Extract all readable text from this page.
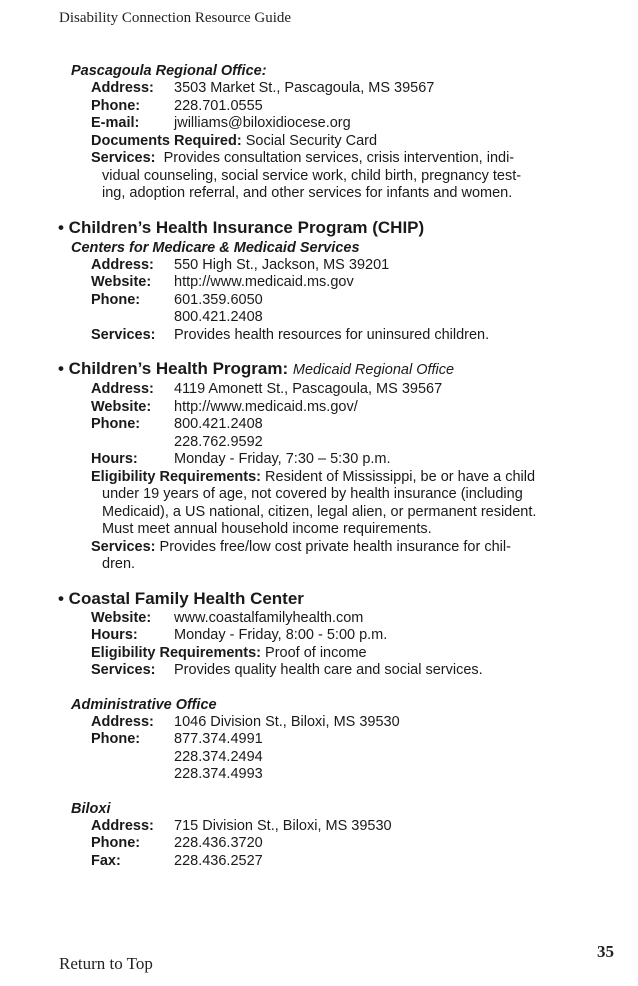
Disability Connection Resource Guide
Pascagoula Regional Office:
Address:	3503 Market St., Pascagoula, MS 39567
Phone:	228.701.0555
E-mail:	jwilliams@biloxidiocese.org
Documents Required:
Social Security Card
Services: Provides consultation services, crisis intervention, indi-
vidual counseling, social service work, child birth, pregnancy test-
ing, adoption referral, and other services for infants and women.
• Children’s Health Insurance Program (CHIP)
Centers for Medicare & Medicaid Services
Address:	550 High St., Jackson, MS 39201
Website:	http://www.medicaid.ms.gov
Phone:	601.359.6050
800.421.2408
Services:	Provides health resources for uninsured children.
• Children’s Health Program: Medicaid Regional Office
Address:	4119 Amonett St., Pascagoula, MS 39567
Website:	http://www.medicaid.ms.gov/
Phone:	800.421.2408
228.762.9592
Hours:	Monday - Friday, 7:30 – 5:30 p.m.
Eligibility Requirements: Resident of Mississippi, be or have a child
under 19 years of age, not covered by health insurance (including
Medicaid), a US national, citizen, legal alien, or permanent resident.
Must meet annual household income requirements.
Services: Provides free/low cost private health insurance for chil-
dren.
• Coastal Family Health Center
Website:	www.coastalfamilyhealth.com
Hours:	Monday - Friday, 8:00 - 5:00 p.m.
Eligibility Requirements:
Proof of income
Services:	Provides quality health care and social services.
Administrative Office
Address:	1046 Division St., Biloxi, MS 39530
Phone:	877.374.4991
228.374.2494
228.374.4993
Biloxi
Address:	715 Division St., Biloxi, MS 39530
Phone:	228.436.3720
Fax:	228.436.2527
Return to Top
35
